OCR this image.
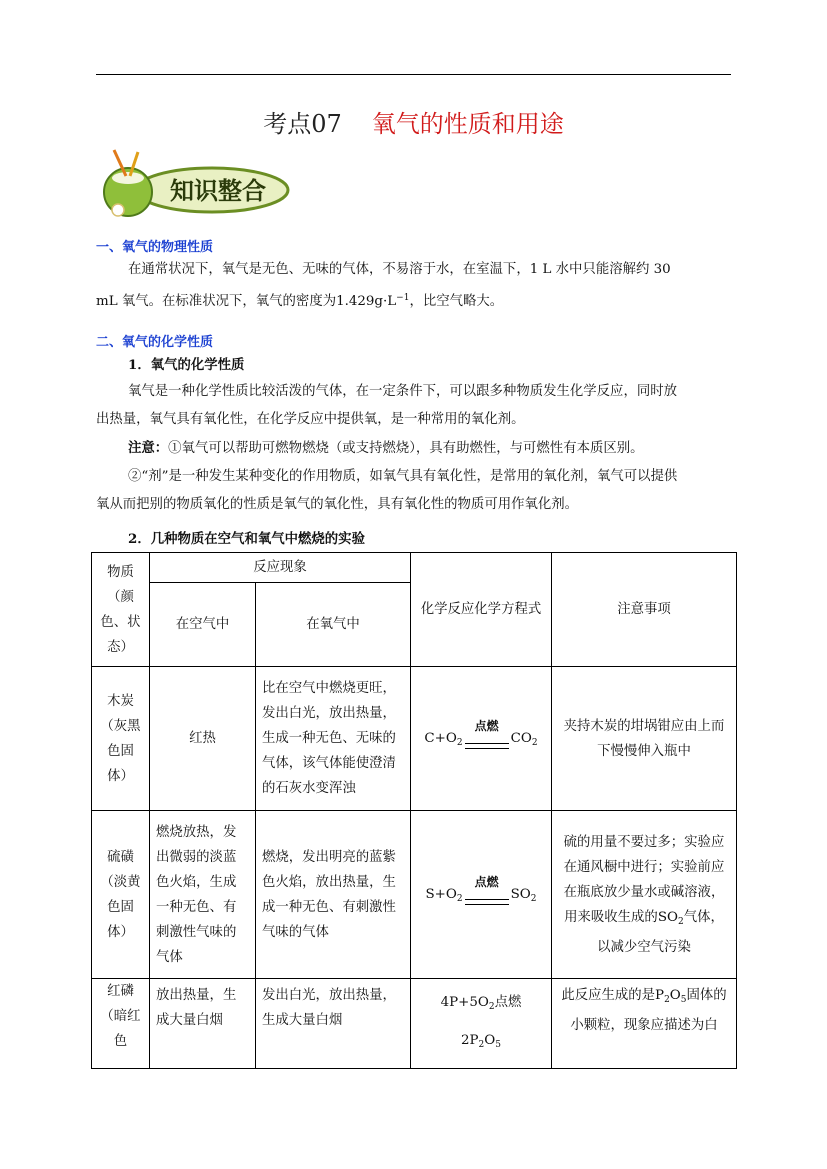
考点07 氧气的性质和用途
知识整合
一、氧气的物理性质
在通常状况下，氧气是无色、无味的气体，不易溶于水，在室温下，1 L 水中只能溶解约 30
mL 氧气。在标准状况下，氧气的密度为$1.429g\cdot L^{-1}$，比空气略大。
二、氧气的化学性质
1．氧气的化学性质
氧气是一种化学性质比较活泼的气体，在一定条件下，可以跟多种物质发生化学反应，同时放
出热量，氧气具有氧化性，在化学反应中提供氧，是一种常用的氧化剂。
注意：①氧气可以帮助可燃物燃烧（或支持燃烧），具有助燃性，与可燃性有本质区别。
②“剂”是一种发生某种变化的作用物质，如氧气具有氧化性，是常用的氧化剂，氧气可以提供
氧从而把别的物质氧化的性质是氧气的氧化性，具有氧化性的物质可用作氧化剂。
2．几种物质在空气和氧气中燃烧的实验
物质（颜色、状态）	反应现象		化学反应化学方程式	注意事项
	在空气中	在氧气中		
木炭（灰黑色固体）	红热	比在空气中燃烧更旺，发出白光，放出热量，生成一种无色、无味的气体，该气体能使澄清的石灰水变浑浊	$C+O_2$
点燃
$CO_2$	夹持木炭的坩埚钳应由上而下慢慢伸入瓶中
硫磺（淡黄色固体）	燃烧放热，发出微弱的淡蓝色火焰，生成一种无色、有刺激性气味的气体	燃烧，发出明亮的蓝紫色火焰，放出热量，生成一种无色、有刺激性气味的气体	$S+O_2$
点燃
$SO_2$	硫的用量不要过多；实验应在通风橱中进行；实验前应在瓶底放少量水或碱溶液，用来吸收生成的$SO_2$气体，以减少空气污染
红磷（暗红色	放出热量，生成大量白烟	发出白光，放出热量，生成大量白烟	$4P+5O_2$点燃
$2P_2O_5$	此反应生成的是$P_2O_5$固体的小颗粒，现象应描述为白
